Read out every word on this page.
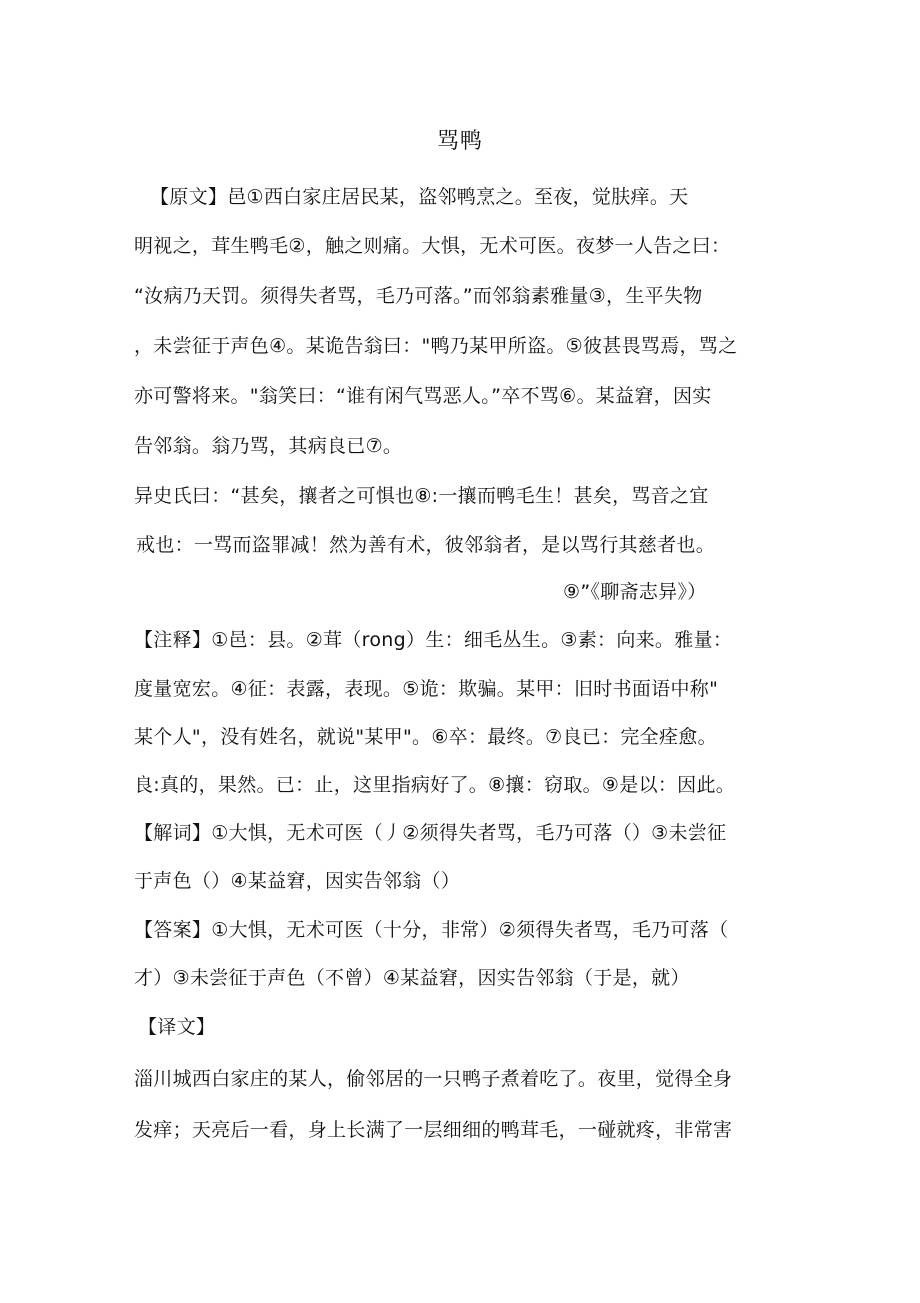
骂鸭
【原文】邑①西白家庄居民某，盗邻鸭烹之。至夜，觉肤痒。天
明视之，茸生鸭毛②，触之则痛。大惧，无术可医。夜梦一人告之曰：
“汝病乃天罚。须得失者骂，毛乃可落。”而邻翁素雅量③，生平失物
，未尝征于声色④。某诡告翁曰："鸭乃某甲所盗。⑤彼甚畏骂焉，骂之
亦可警将来。"翁笑曰：“谁有闲气骂恶人。”卒不骂⑥。某益窘，因实
告邻翁。翁乃骂，其病良已⑦。
异史氏曰：“甚矣，攘者之可惧也⑧:一攘而鸭毛生！甚矣，骂音之宜
戒也：一骂而盗罪减！然为善有术，彼邻翁者，是以骂行其慈者也。
⑨”《聊斋志异》）
【注释】①邑：县。②茸（rong）生：细毛丛生。③素：向来。雅量：
度量宽宏。④征：表露，表现。⑤诡：欺骗。某甲：旧时书面语中称"
某个人"，没有姓名，就说"某甲"。⑥卒：最终。⑦良已：完全痊愈。
良:真的，果然。已：止，这里指病好了。⑧攘：窃取。⑨是以：因此。
【解词】①大惧，无术可医（丿②须得失者骂，毛乃可落（）③未尝征
于声色（）④某益窘，因实告邻翁（）
【答案】①大惧，无术可医（十分，非常）②须得失者骂，毛乃可落（
才）③未尝征于声色（不曾）④某益窘，因实告邻翁（于是，就）
【译文】
淄川城西白家庄的某人，偷邻居的一只鸭子煮着吃了。夜里，觉得全身
发痒；天亮后一看，身上长满了一层细细的鸭茸毛，一碰就疼，非常害
